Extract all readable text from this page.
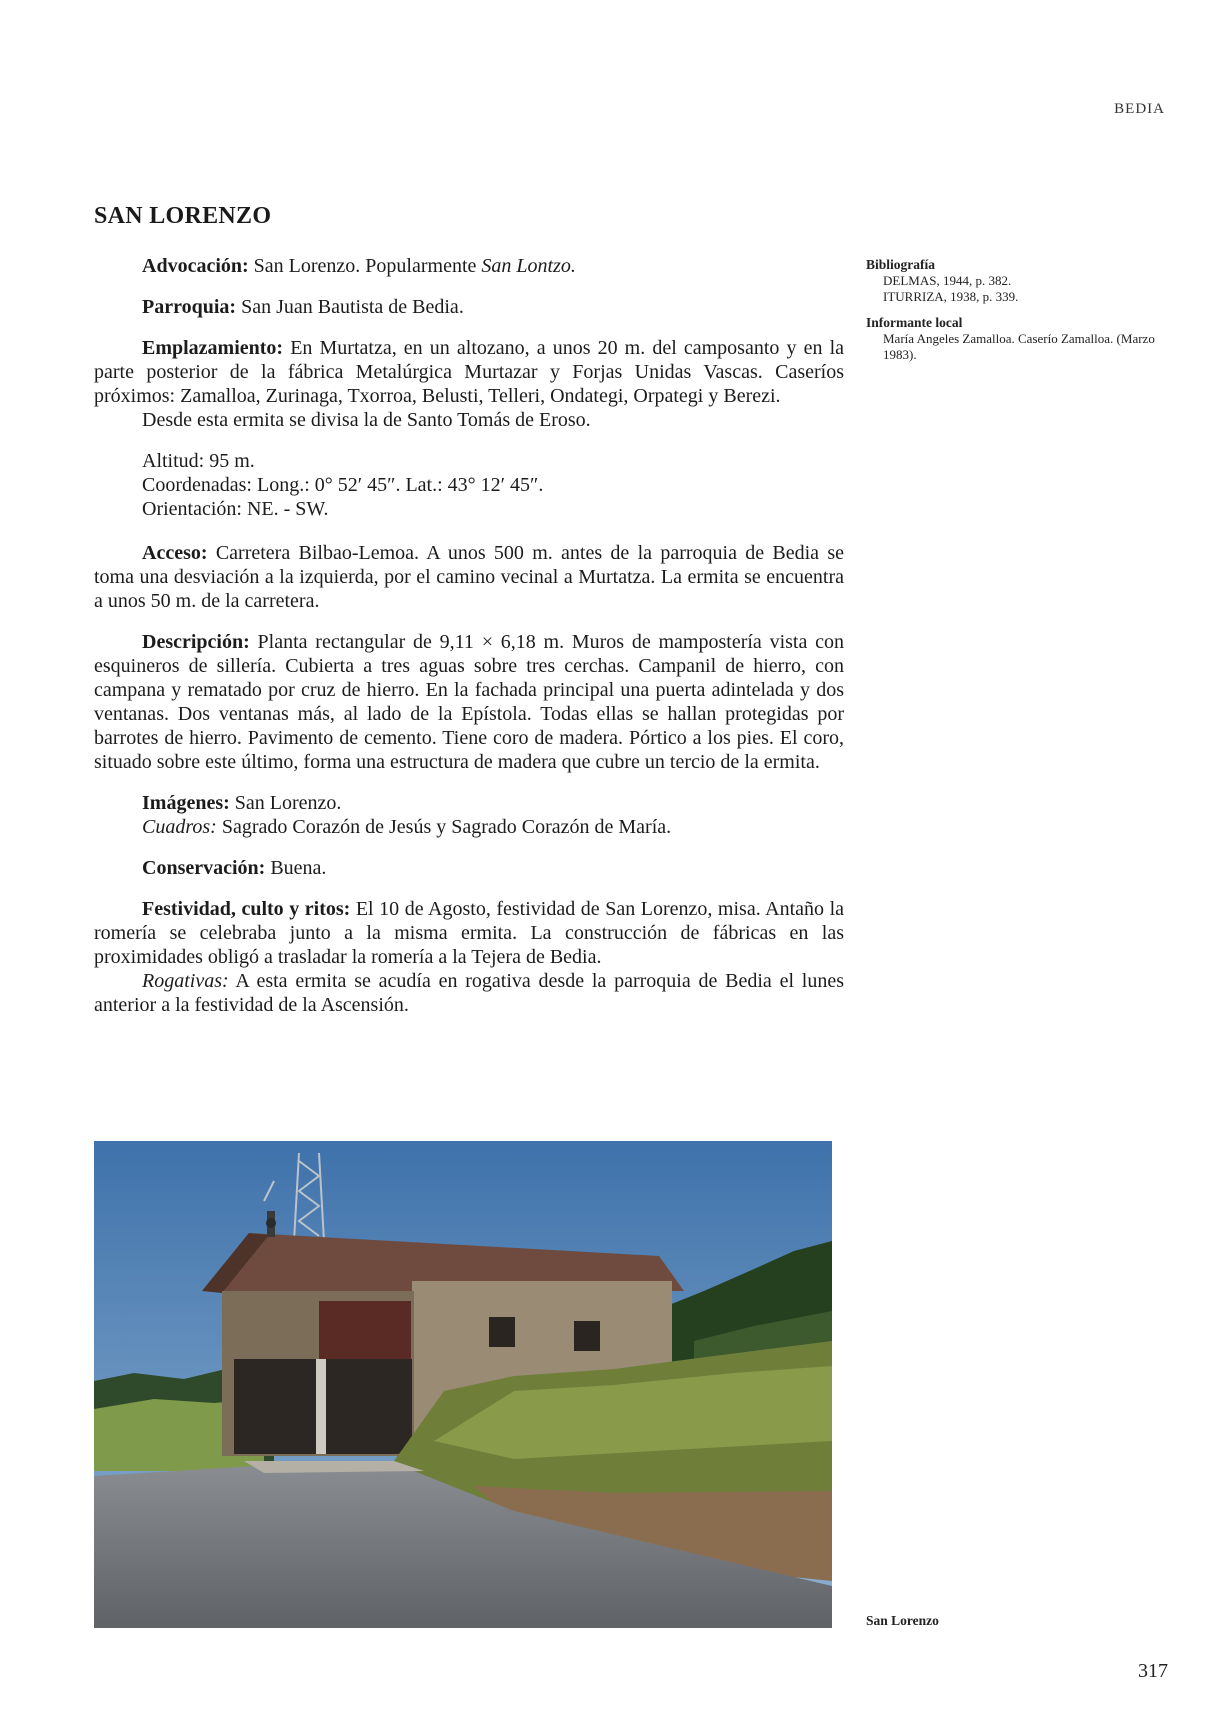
BEDIA
SAN LORENZO

Advocación: San Lorenzo. Popularmente San Lontzo.

Parroquia: San Juan Bautista de Bedia.

Emplazamiento: En Murtatza, en un altozano, a unos 20 m. del camposanto y en la parte posterior de la fábrica Metalúrgica Murtazar y Forjas Unidas Vascas. Caseríos próximos: Zamalloa, Zurinaga, Txorroa, Belusti, Telleri, Ondategi, Orpategi y Berezi.

Desde esta ermita se divisa la de Santo Tomás de Eroso.

Altitud: 95 m.
Coordenadas: Long.: 0° 52′ 45″. Lat.: 43° 12′ 45″.
Orientación: NE. - SW.

Acceso: Carretera Bilbao-Lemoa. A unos 500 m. antes de la parroquia de Bedia se toma una desviación a la izquierda, por el camino vecinal a Murtatza. La ermita se encuentra a unos 50 m. de la carretera.

Descripción: Planta rectangular de 9,11 × 6,18 m. Muros de mampostería vista con esquineros de sillería. Cubierta a tres aguas sobre tres cerchas. Campanil de hierro, con campana y rematado por cruz de hierro. En la fachada principal una puerta adintelada y dos ventanas. Dos ventanas más, al lado de la Epístola. Todas ellas se hallan protegidas por barrotes de hierro. Pavimento de cemento. Tiene coro de madera. Pórtico a los pies. El coro, situado sobre este último, forma una estructura de madera que cubre un tercio de la ermita.

Imágenes: San Lorenzo.

Cuadros: Sagrado Corazón de Jesús y Sagrado Corazón de María.

Conservación: Buena.

Festividad, culto y ritos: El 10 de Agosto, festividad de San Lorenzo, misa. Antaño la romería se celebraba junto a la misma ermita. La construcción de fábricas en las proximidades obligó a trasladar la romería a la Tejera de Bedia.

Rogativas: A esta ermita se acudía en rogativa desde la parroquia de Bedia el lunes anterior a la festividad de la Ascensión.

Bibliografía
DELMAS, 1944, p. 382.
ITURRIZA, 1938, p. 339.
Informante local
María Angeles Zamalloa. Caserío Zamalloa. (Marzo 1983).
San Lorenzo
317
